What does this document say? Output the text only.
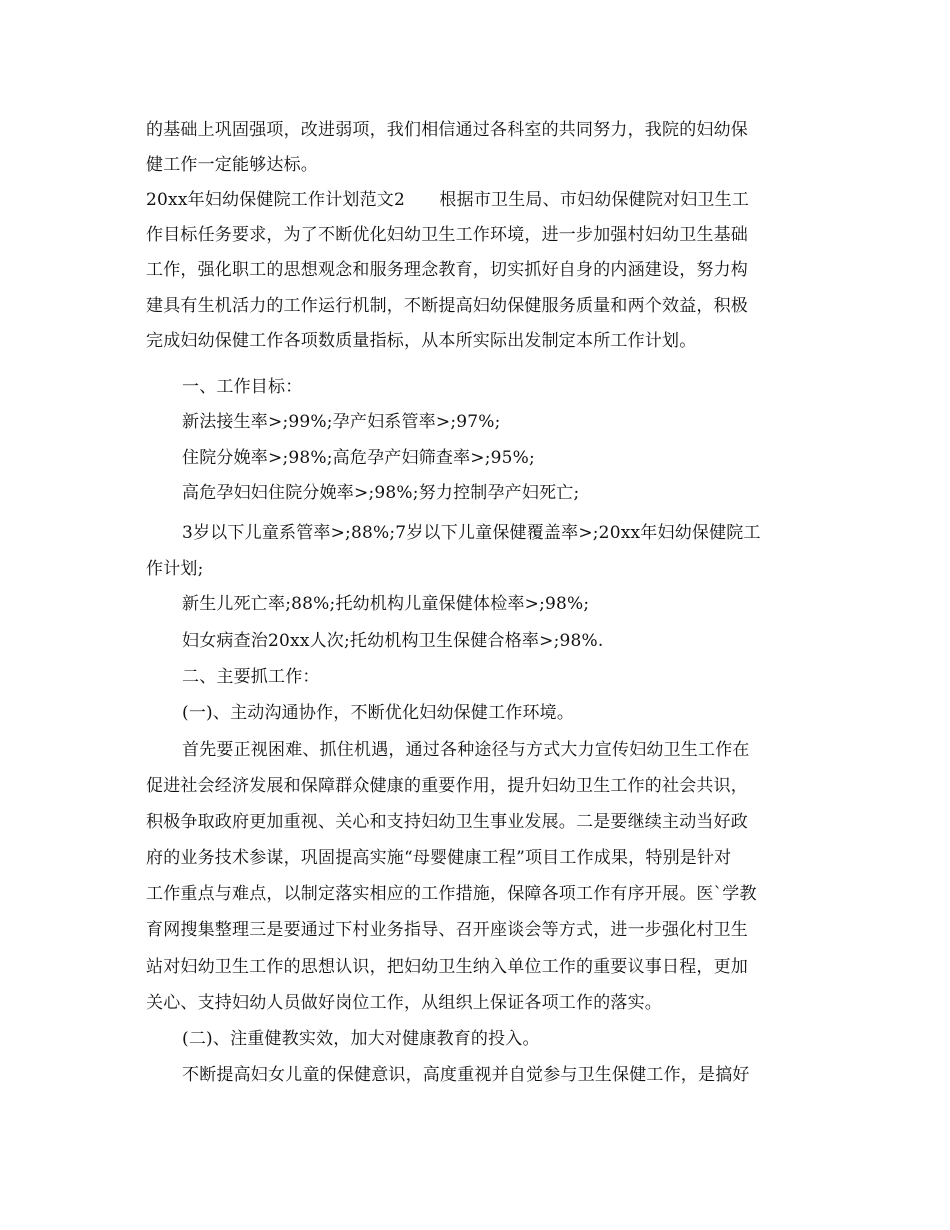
的基础上巩固强项，改进弱项，我们相信通过各科室的共同努力，我院的妇幼保
健工作一定能够达标。
20xx年妇幼保健院工作计划范文2　　根据市卫生局、市妇幼保健院对妇卫生工
作目标任务要求，为了不断优化妇幼卫生工作环境，进一步加强村妇幼卫生基础
工作，强化职工的思想观念和服务理念教育，切实抓好自身的内涵建设，努力构
建具有生机活力的工作运行机制，不断提高妇幼保健服务质量和两个效益，积极
完成妇幼保健工作各项数质量指标，从本所实际出发制定本所工作计划。
一、工作目标：
新法接生率>;99%;孕产妇系管率>;97%;
住院分娩率>;98%;高危孕产妇筛查率>;95%;
高危孕妇妇住院分娩率>;98%;努力控制孕产妇死亡;
3岁以下儿童系管率>;88%;7岁以下儿童保健覆盖率>;20xx年妇幼保健院工
作计划;
新生儿死亡率;88%;托幼机构儿童保健体检率>;98%;
妇女病查治20xx人次;托幼机构卫生保健合格率>;98%.
二、主要抓工作：
(一)、主动沟通协作，不断优化妇幼保健工作环境。
首先要正视困难、抓住机遇，通过各种途径与方式大力宣传妇幼卫生工作在
促进社会经济发展和保障群众健康的重要作用，提升妇幼卫生工作的社会共识，
积极争取政府更加重视、关心和支持妇幼卫生事业发展。二是要继续主动当好政
府的业务技术参谋，巩固提高实施“母婴健康工程”项目工作成果，特别是针对
工作重点与难点，以制定落实相应的工作措施，保障各项工作有序开展。医`学教
育网搜集整理三是要通过下村业务指导、召开座谈会等方式，进一步强化村卫生
站对妇幼卫生工作的思想认识，把妇幼卫生纳入单位工作的重要议事日程，更加
关心、支持妇幼人员做好岗位工作，从组织上保证各项工作的落实。
(二)、注重健教实效，加大对健康教育的投入。
不断提高妇女儿童的保健意识，高度重视并自觉参与卫生保健工作，是搞好
